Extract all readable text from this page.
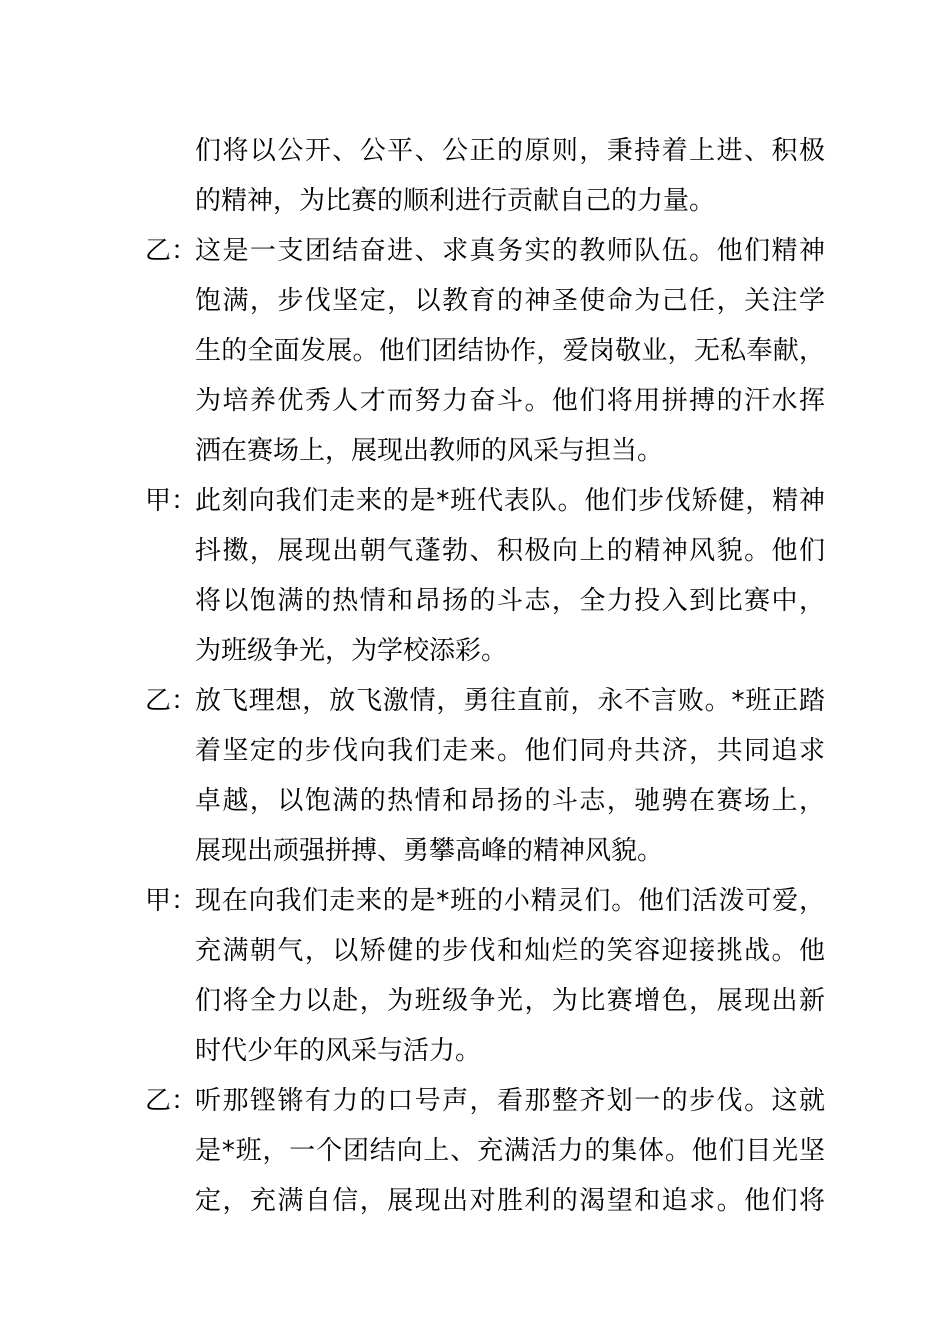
们将以公开、公平、公正的原则，秉持着上进、积极
的精神，为比赛的顺利进行贡献自己的力量。
乙：
这是一支团结奋进、求真务实的教师队伍。他们精神
饱满，步伐坚定，以教育的神圣使命为己任，关注学
生的全面发展。他们团结协作，爱岗敬业，无私奉献，
为培养优秀人才而努力奋斗。他们将用拼搏的汗水挥
洒在赛场上，展现出教师的风采与担当。
甲：
此刻向我们走来的是*班代表队。他们步伐矫健，精神
抖擞，展现出朝气蓬勃、积极向上的精神风貌。他们
将以饱满的热情和昂扬的斗志，全力投入到比赛中，
为班级争光，为学校添彩。
乙：
放飞理想，放飞激情，勇往直前，永不言败。*班正踏
着坚定的步伐向我们走来。他们同舟共济，共同追求
卓越，以饱满的热情和昂扬的斗志，驰骋在赛场上，
展现出顽强拼搏、勇攀高峰的精神风貌。
甲：
现在向我们走来的是*班的小精灵们。他们活泼可爱，
充满朝气，以矫健的步伐和灿烂的笑容迎接挑战。他
们将全力以赴，为班级争光，为比赛增色，展现出新
时代少年的风采与活力。
乙：
听那铿锵有力的口号声，看那整齐划一的步伐。这就
是*班，一个团结向上、充满活力的集体。他们目光坚
定，充满自信，展现出对胜利的渴望和追求。他们将
